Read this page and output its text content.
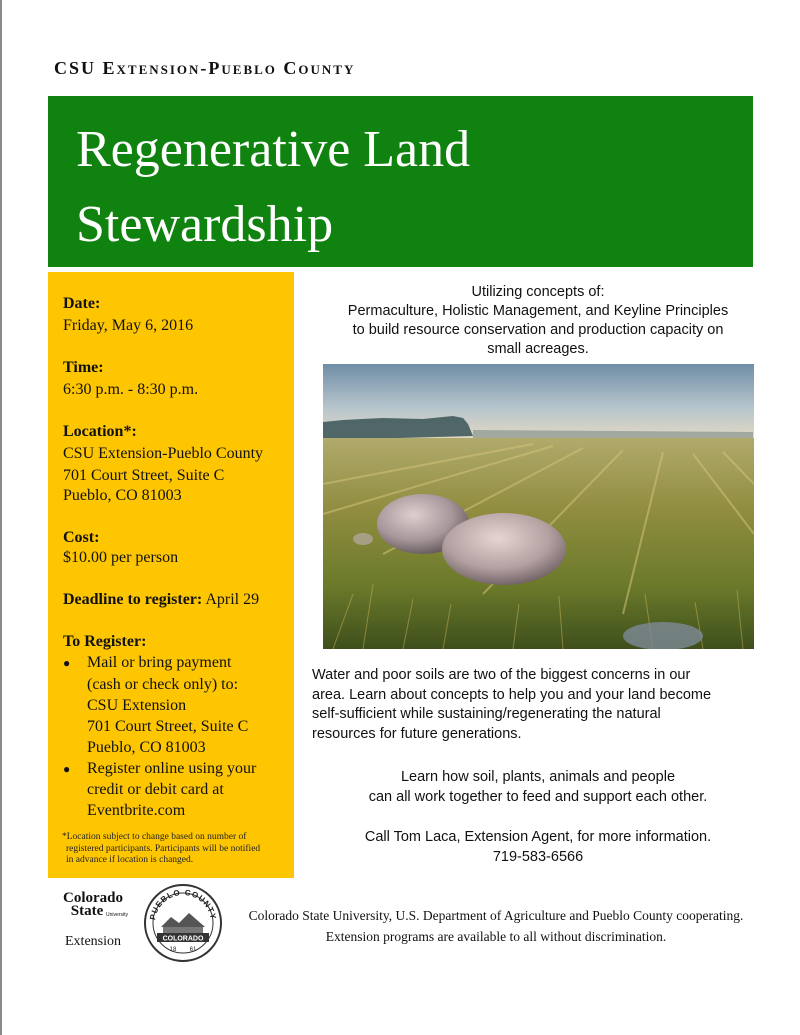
CSU Extension-Pueblo County
Regenerative Land
Stewardship
Date:
Friday, May 6, 2016
Time:
6:30 p.m. - 8:30 p.m.
Location*:
CSU Extension-Pueblo County
701 Court Street, Suite C
Pueblo, CO 81003
Cost:
$10.00 per person
Deadline to register: April 29
To Register:
● Mail or bring payment
(cash or check only) to:
CSU Extension
701 Court Street, Suite C
Pueblo, CO 81003
● Register online using your
credit or debit card at
Eventbrite.com
*Location subject to change based on number of
registered participants. Participants will be notified
in advance if location is changed.
Utilizing concepts of:
Permaculture, Holistic Management, and Keyline Principles
to build resource conservation and production capacity on
small acreages.
Water and poor soils are two of the biggest concerns in our
area. Learn about concepts to help you and your land become
self-sufficient while sustaining/regenerating the natural
resources for future generations.
Learn how soil, plants, animals and people
can all work together to feed and support each other.
Call Tom Laca, Extension Agent, for more information.
719-583-6566
Colorado
State University
Extension
PUEBLO COUNTY
COLORADO
18 61
Colorado State University, U.S. Department of Agriculture and Pueblo County cooperating.
Extension programs are available to all without discrimination.
